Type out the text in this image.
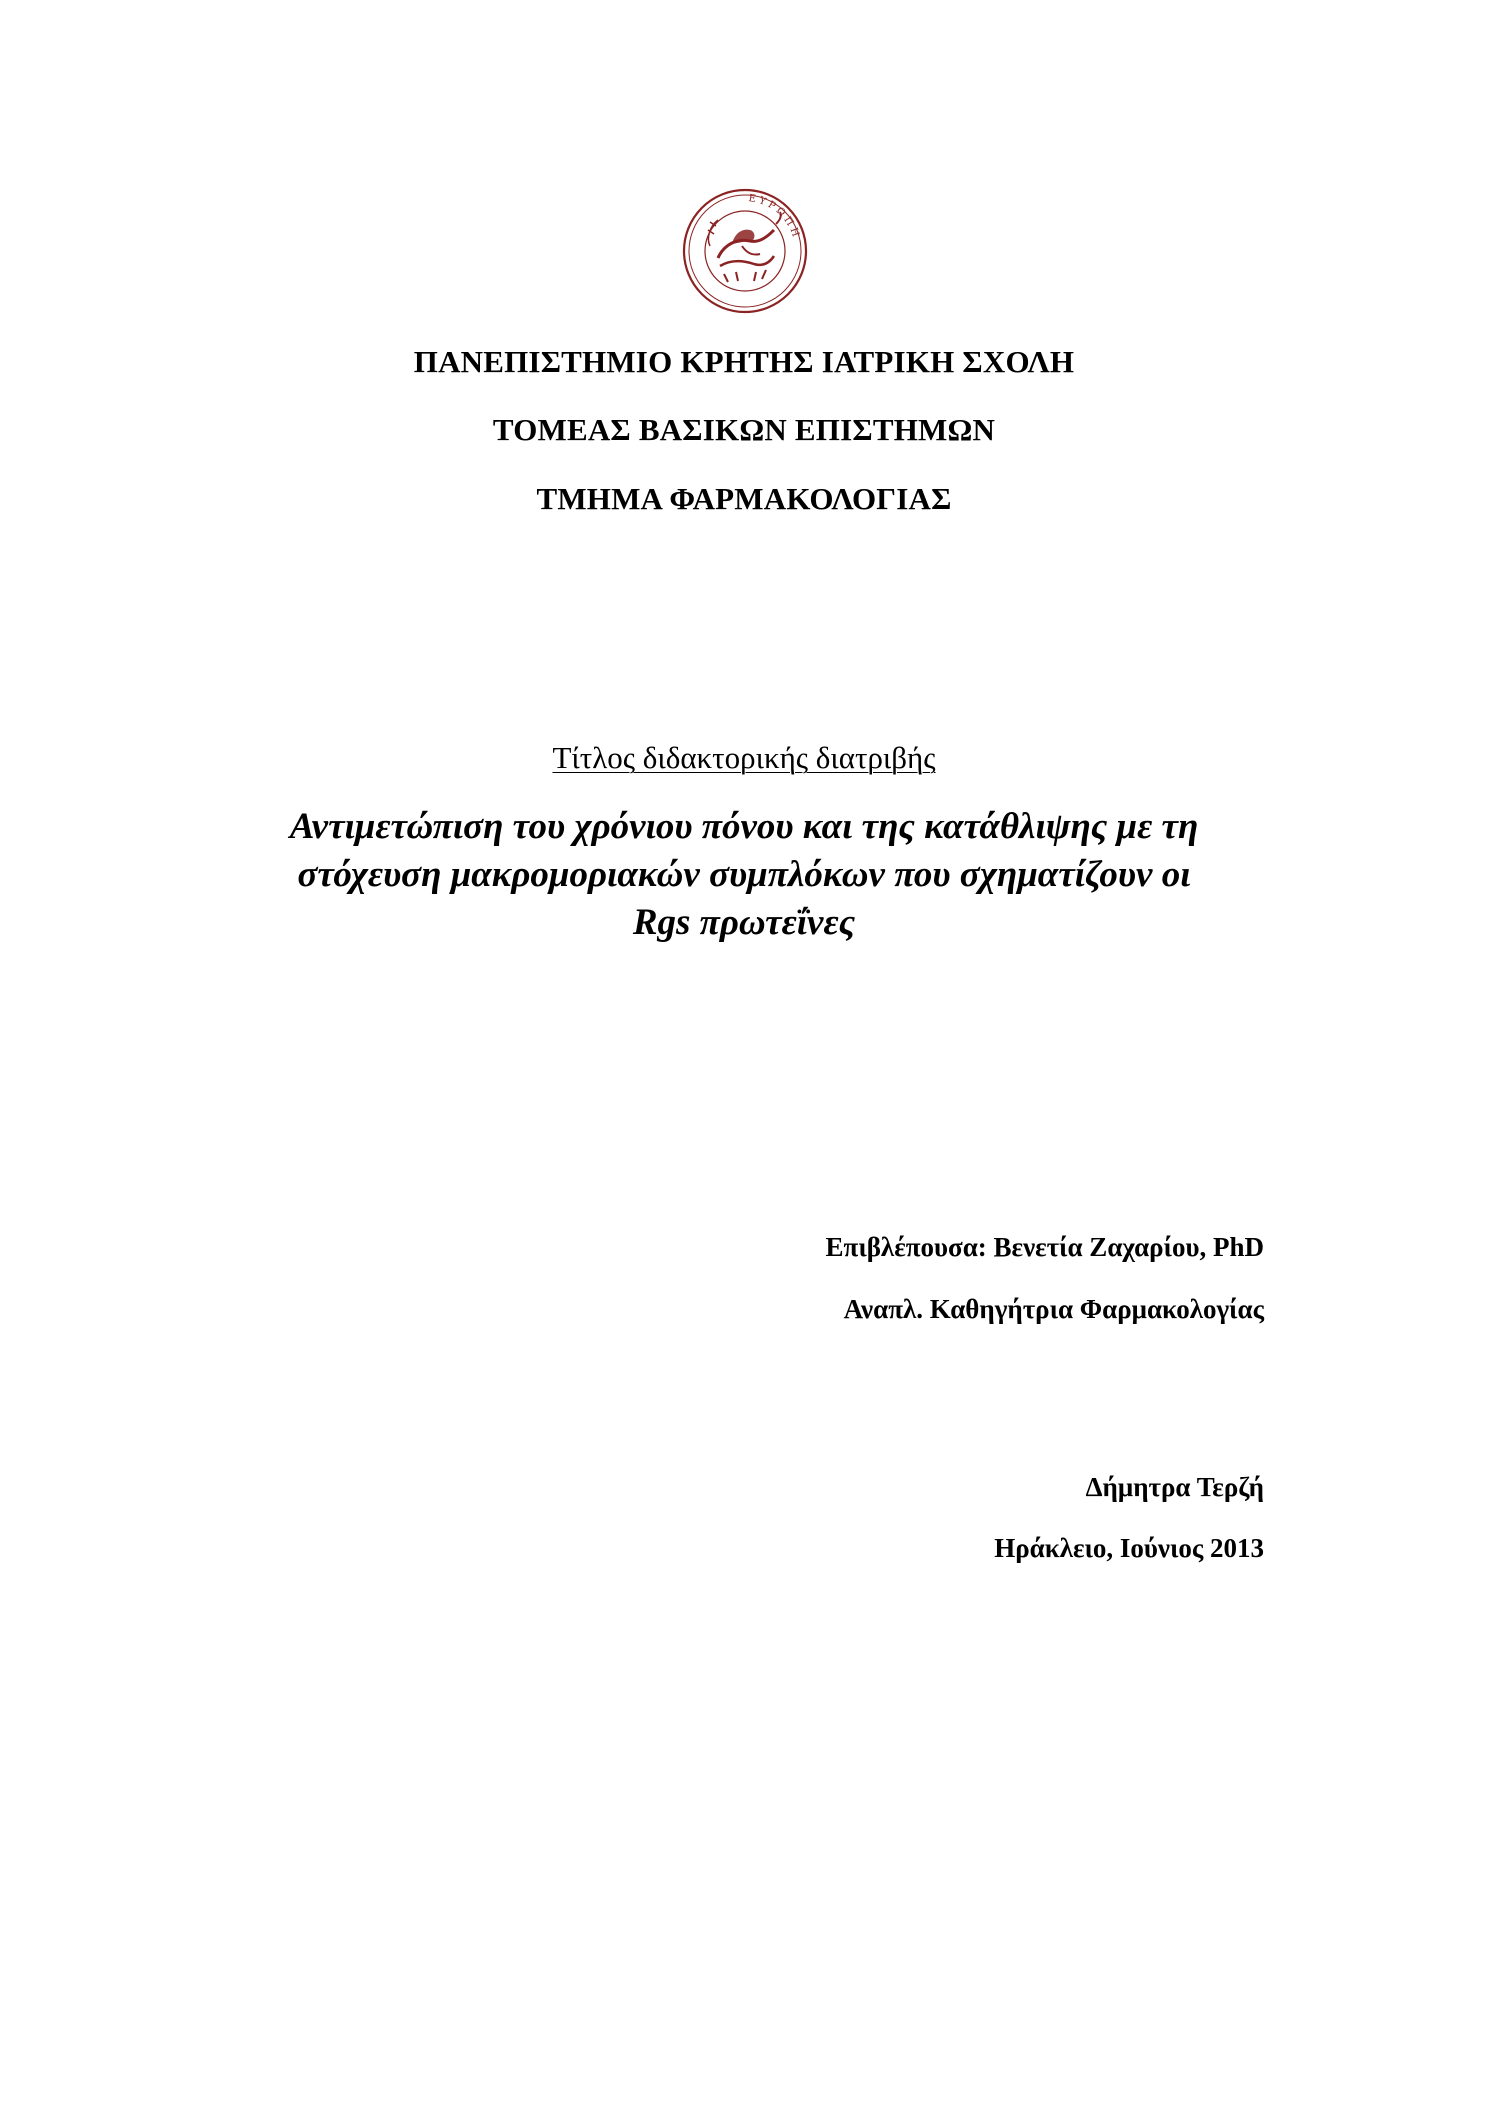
ΕΥΡΩΠΗ
ΠΑΝΕΠΙΣΤΗΜΙΟ ΚΡΗΤΗΣ ΙΑΤΡΙΚΗ ΣΧΟΛΗ
ΤΟΜΕΑΣ ΒΑΣΙΚΩΝ ΕΠΙΣΤΗΜΩΝ
ΤΜΗΜΑ ΦΑΡΜΑΚΟΛΟΓΙΑΣ
Τίτλος διδακτορικής διατριβής
Αντιμετώπιση του χρόνιου πόνου και της κατάθλιψης με τη
στόχευση μακρομοριακών συμπλόκων που σχηματίζουν οι
Rgs πρωτεΐνες
Επιβλέπουσα: Βενετία Ζαχαρίου, PhD
Αναπλ. Καθηγήτρια Φαρμακολογίας
Δήμητρα Τερζή
Ηράκλειο, Ιούνιος 2013
